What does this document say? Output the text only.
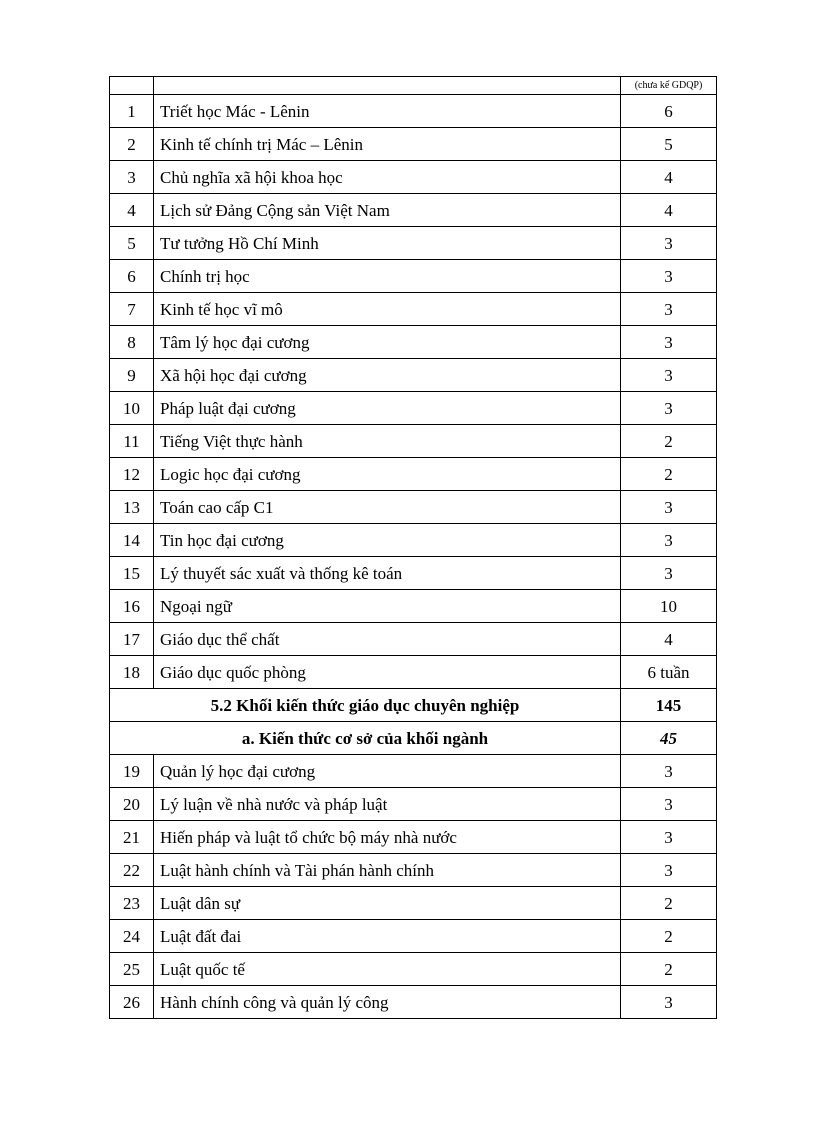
		(chưa kể GDQP)
1	Triết học Mác - Lênin	6
2	Kinh tế chính trị Mác – Lênin	5
3	Chủ nghĩa xã hội khoa học	4
4	Lịch sử Đảng Cộng sản Việt Nam	4
5	Tư tưởng Hồ Chí Minh	3
6	Chính trị học	3
7	Kinh tế học vĩ mô	3
8	Tâm lý học đại cương	3
9	Xã hội học đại cương	3
10	Pháp luật đại cương	3
11	Tiếng Việt thực hành	2
12	Logic học đại cương	2
13	Toán cao cấp C1	3
14	Tin học đại cương	3
15	Lý thuyết sác xuất và thống kê toán	3
16	Ngoại ngữ	10
17	Giáo dục thể chất	4
18	Giáo dục quốc phòng	6 tuần
5.2 Khối kiến thức giáo dục chuyên nghiệp		145
a. Kiến thức cơ sở của khối ngành		45
19	Quản lý học đại cương	3
20	Lý luận về nhà nước và pháp luật	3
21	Hiến pháp và luật tổ chức bộ máy nhà nước	3
22	Luật hành chính và Tài phán hành chính	3
23	Luật dân sự	2
24	Luật đất đai	2
25	Luật quốc tế	2
26	Hành chính công và quản lý công	3
